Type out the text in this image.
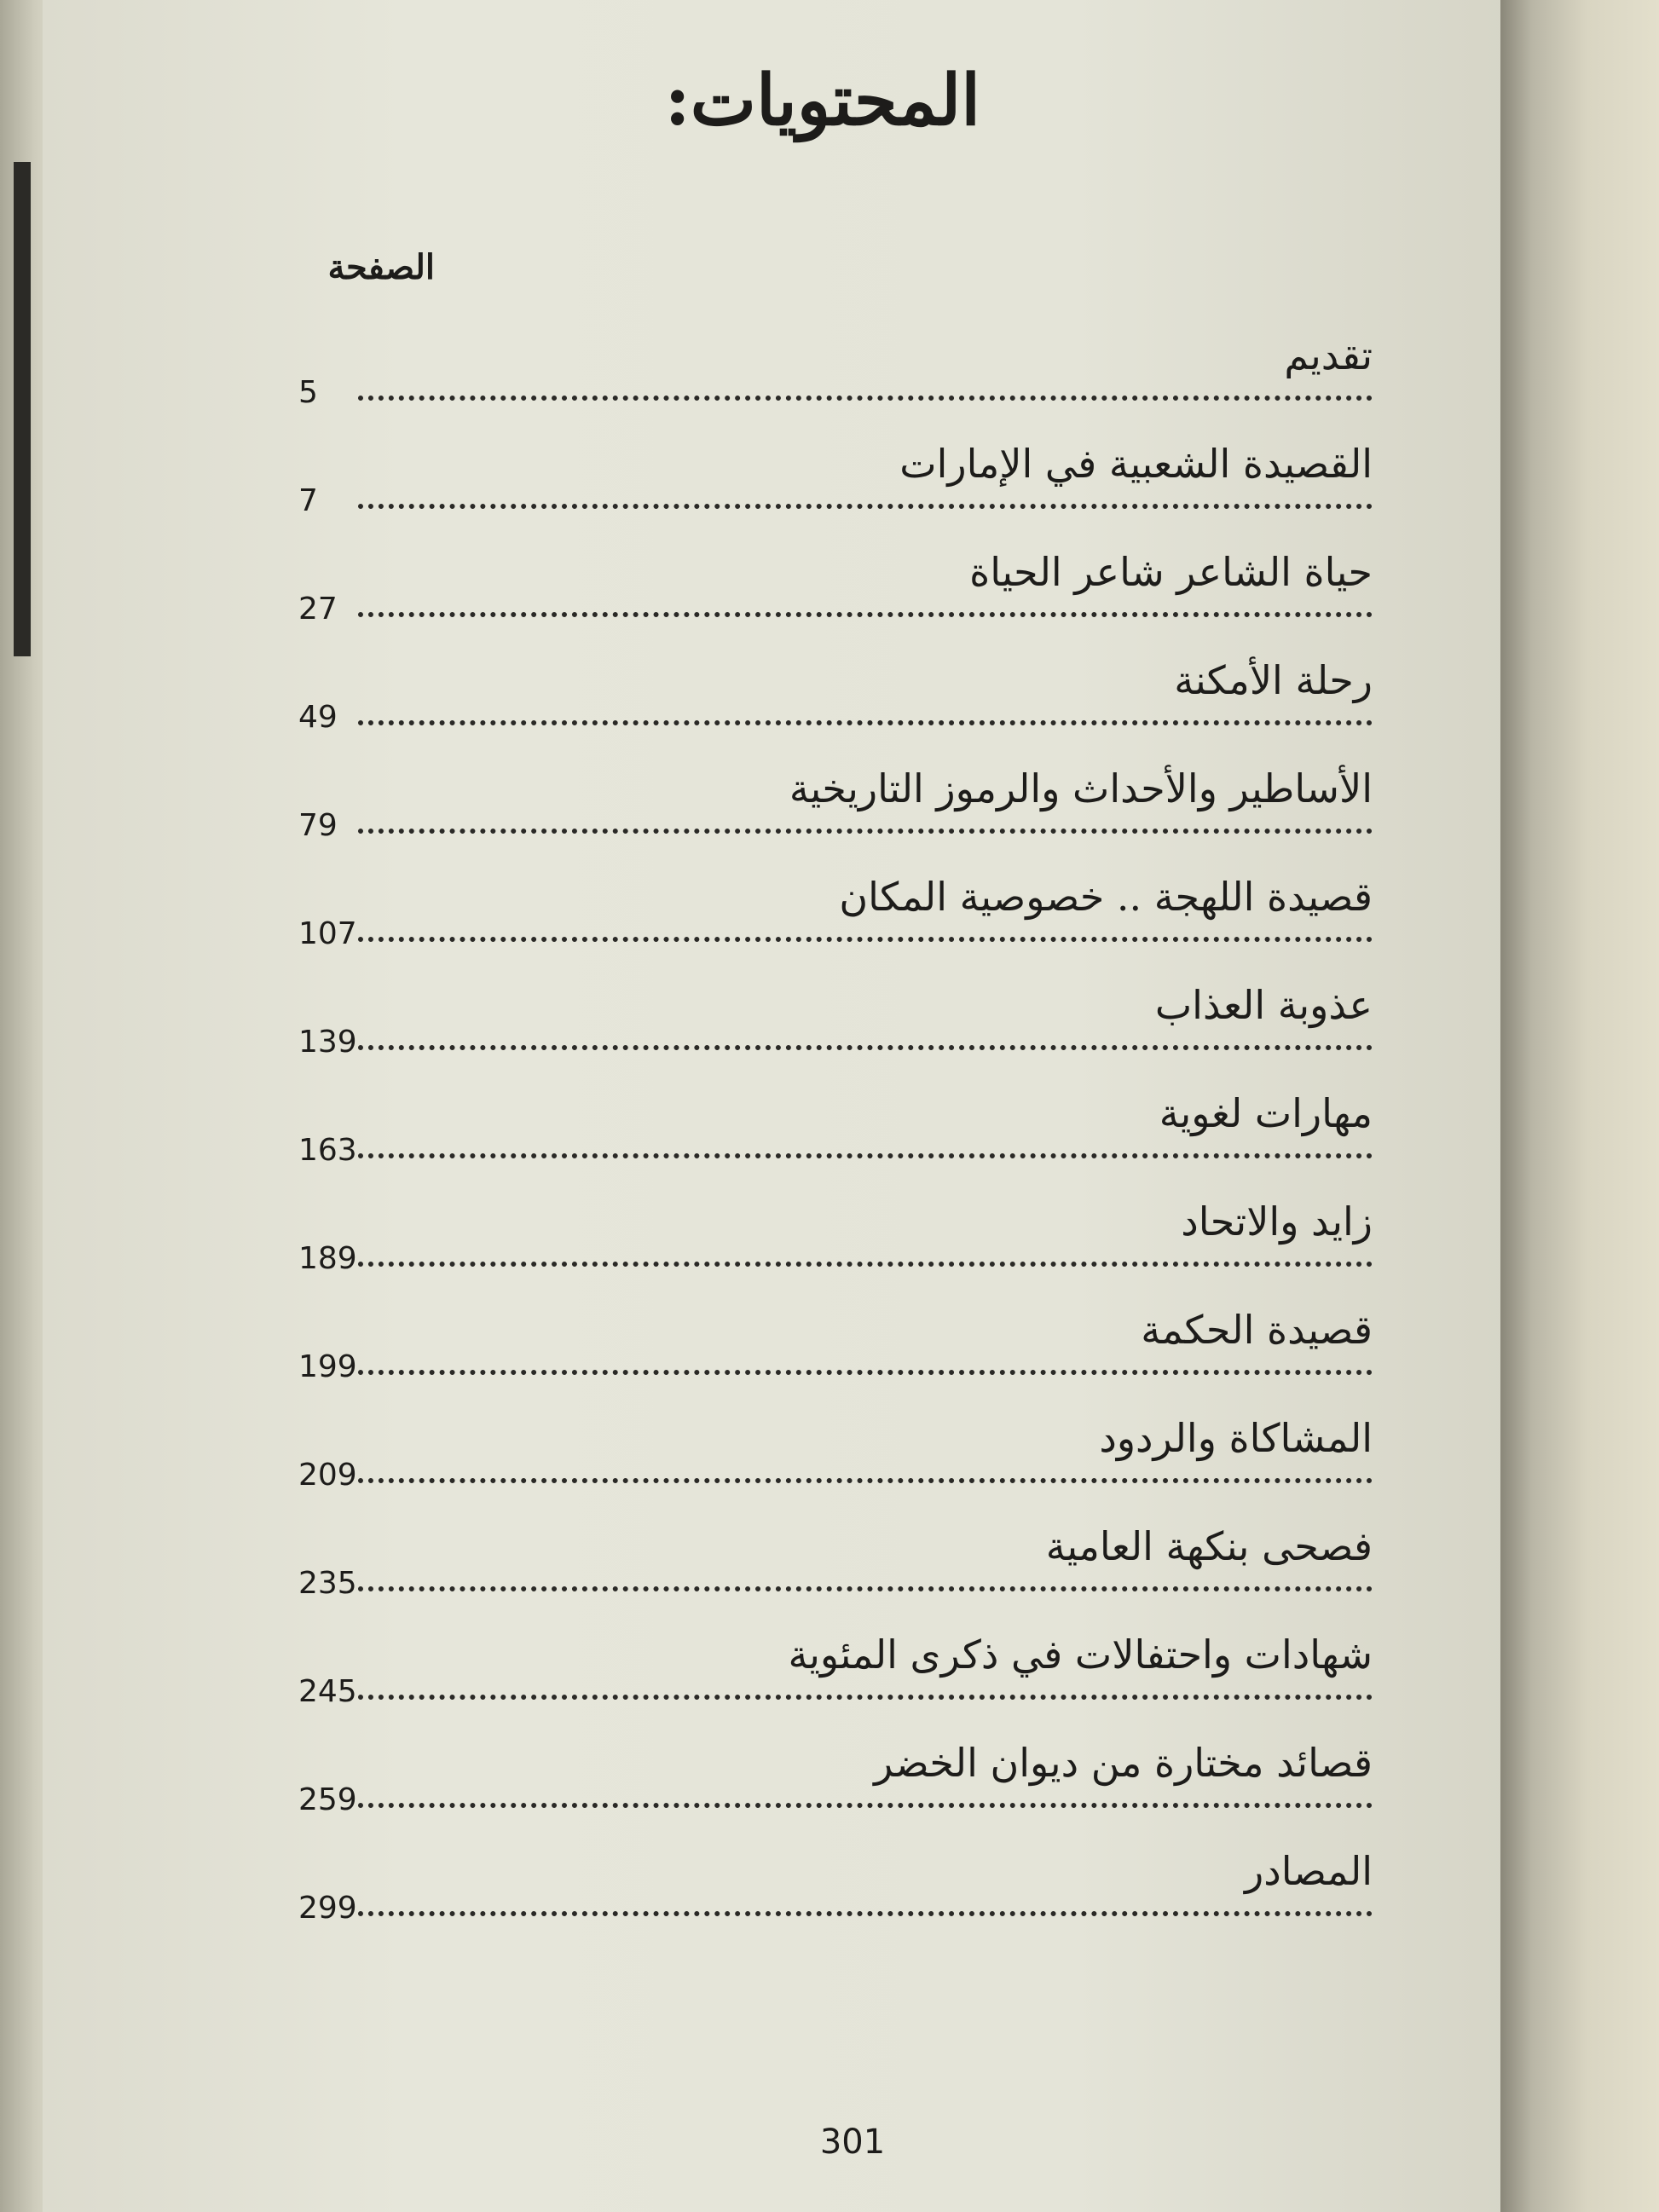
المحتويات:
الصفحة
تقديم
5
القصيدة الشعبية في الإمارات
7
حياة الشاعر شاعر الحياة
27
رحلة الأمكنة
49
الأساطير والأحداث والرموز التاريخية
79
قصيدة اللهجة .. خصوصية المكان
107
عذوبة العذاب
139
مهارات لغوية
163
زايد والاتحاد
189
قصيدة الحكمة
199
المشاكاة والردود
209
فصحى بنكهة العامية
235
شهادات واحتفالات في ذكرى المئوية
245
قصائد مختارة من ديوان الخضر
259
المصادر
299
301
